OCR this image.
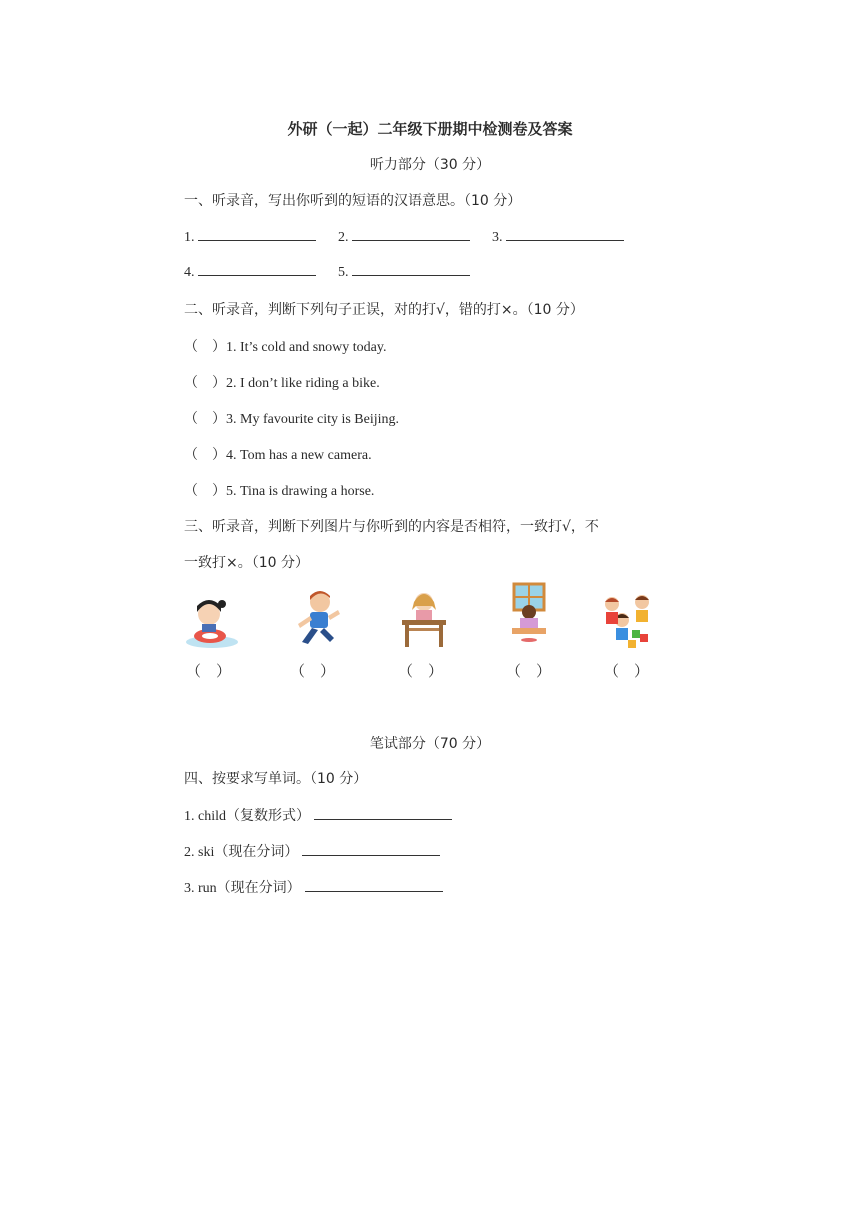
外研（一起）二年级下册期中检测卷及答案
听力部分（30 分）
一、听录音，写出你听到的短语的汉语意思。（10 分）
1.	2.	3.
4.	5.
二、听录音，判断下列句子正误，对的打√，错的打×。（10 分）
（　）1. It’s cold and snowy today.
（　）2. I don’t like riding a bike.
（　）3. My favourite city is Beijing.
（　）4. Tom has a new camera.
（　）5. Tina is drawing a horse.
三、听录音，判断下列图片与你听到的内容是否相符，一致打√，不
一致打×。（10 分）
（　）	（　）	（　）	（　）	（　）
笔试部分（70 分）
四、按要求写单词。（10 分）
1. child（复数形式）
2. ski（现在分词）
3. run（现在分词）
